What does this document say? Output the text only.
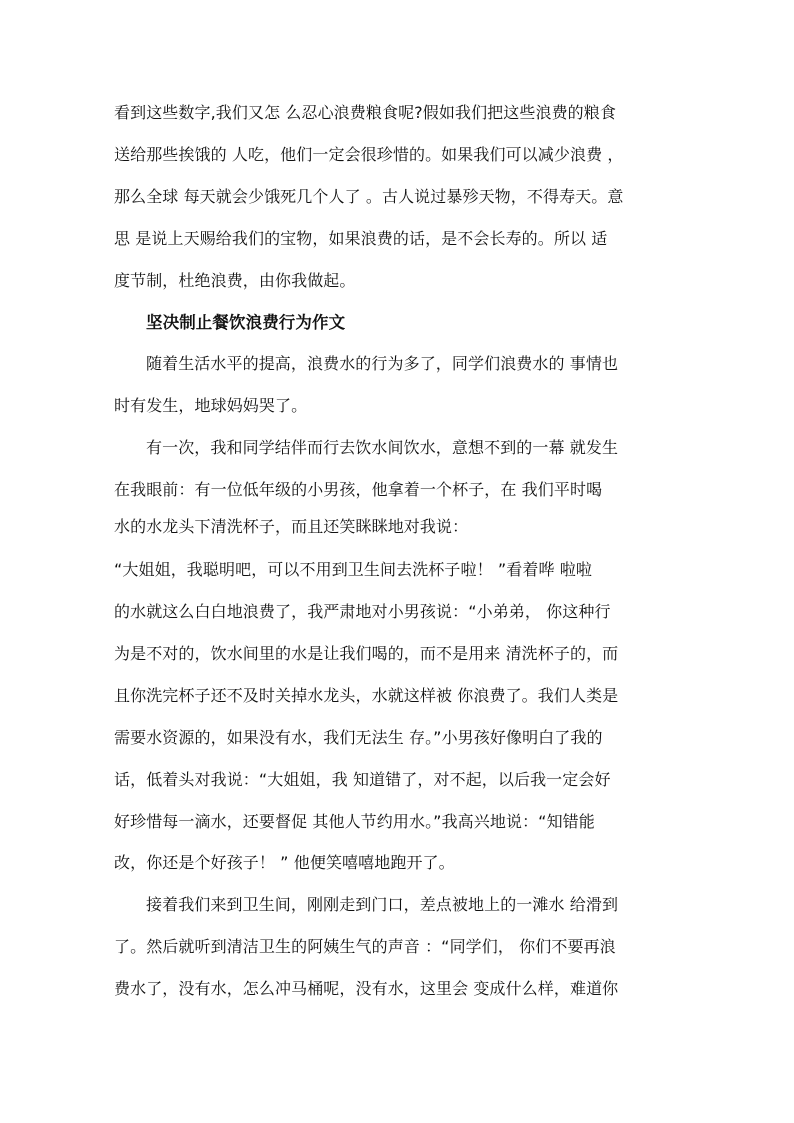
看到这些数字,我们又怎 么忍心浪费粮食呢?假如我们把这些浪费的粮食
送给那些挨饿的 人吃，他们一定会很珍惜的。如果我们可以减少浪费 ，
那么全球 每天就会少饿死几个人了 。古人说过暴殄天物，不得寿天。意
思 是说上天赐给我们的宝物，如果浪费的话，是不会长寿的。所以 适
度节制，杜绝浪费，由你我做起。
坚决制止餐饮浪费行为作文
随着生活水平的提高，浪费水的行为多了，同学们浪费水的 事情也
时有发生，地球妈妈哭了。
有一次，我和同学结伴而行去饮水间饮水，意想不到的一幕 就发生
在我眼前：有一位低年级的小男孩，他拿着一个杯子，在 我们平时喝
水的水龙头下清洗杯子，而且还笑眯眯地对我说：
“大姐姐，我聪明吧，可以不用到卫生间去洗杯子啦！ ”看着哗 啦啦
的水就这么白白地浪费了，我严肃地对小男孩说：“小弟弟， 你这种行
为是不对的，饮水间里的水是让我们喝的，而不是用来 清洗杯子的，而
且你洗完杯子还不及时关掉水龙头，水就这样被 你浪费了。我们人类是
需要水资源的，如果没有水，我们无法生 存。”小男孩好像明白了我的
话，低着头对我说：“大姐姐，我 知道错了，对不起，以后我一定会好
好珍惜每一滴水，还要督促 其他人节约用水。”我高兴地说：“知错能
改，你还是个好孩子！ ” 他便笑嘻嘻地跑开了。
接着我们来到卫生间，刚刚走到门口，差点被地上的一滩水 给滑到
了。然后就听到清洁卫生的阿姨生气的声音 ：“同学们， 你们不要再浪
费水了，没有水，怎么冲马桶呢，没有水，这里会 变成什么样，难道你
